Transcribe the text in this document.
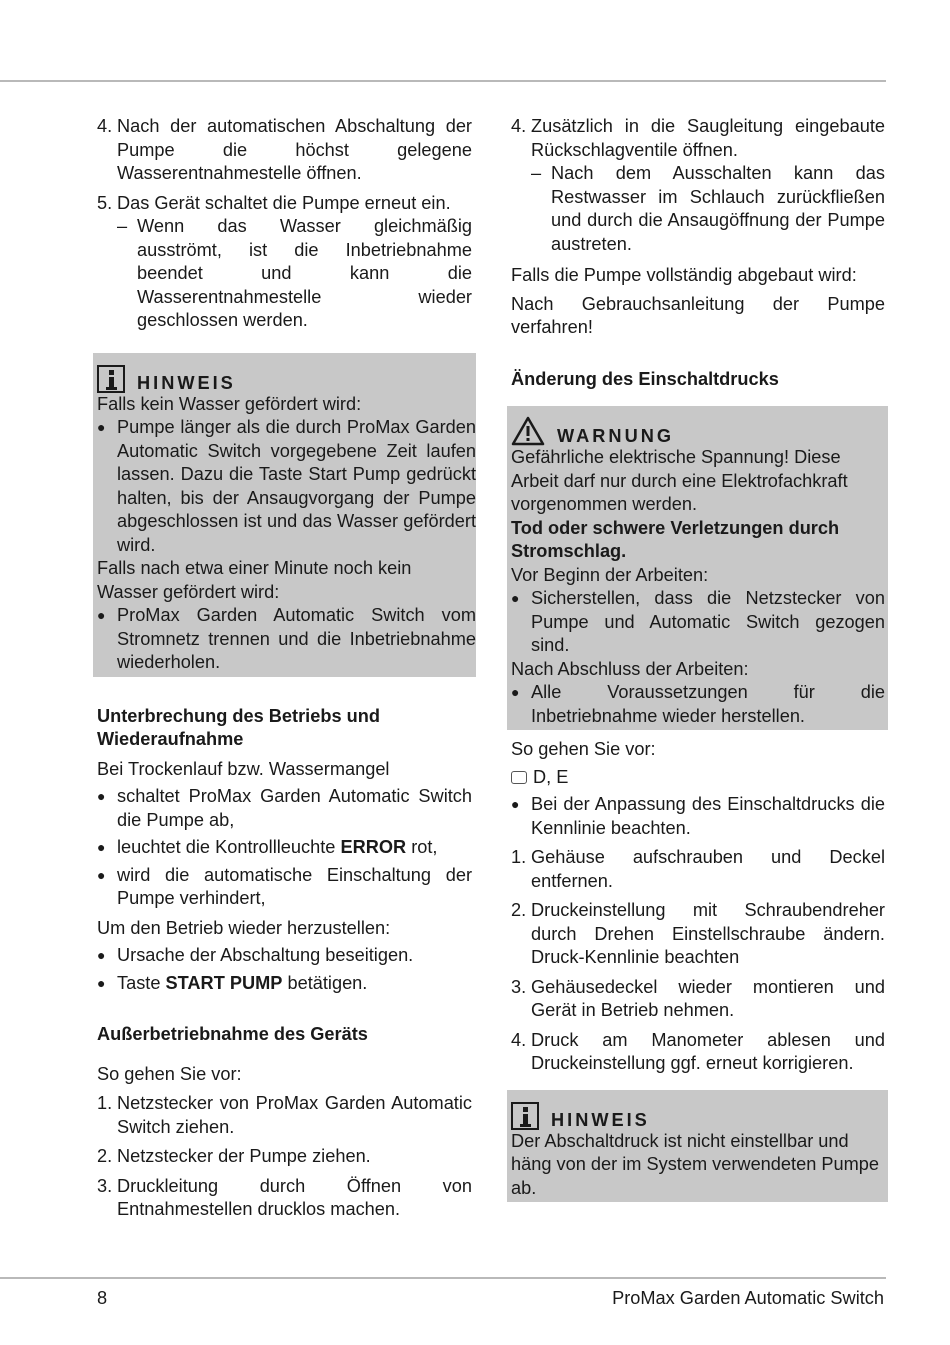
4. Nach der automatischen Abschaltung der Pumpe die höchst gelegene Wasserentnahmestelle öffnen.
5. Das Gerät schaltet die Pumpe erneut ein.
– Wenn das Wasser gleichmäßig ausströmt, ist die Inbetriebnahme beendet und kann die Wasserentnahmestelle wieder geschlossen werden.
HINWEIS

Falls kein Wasser gefördert wird:

● Pumpe länger als die durch ProMax Garden Automatic Switch vorgegebene Zeit laufen lassen. Dazu die Taste Start Pump gedrückt halten, bis der Ansaugvorgang der Pumpe abgeschlossen ist und das Wasser gefördert wird.

Falls nach etwa einer Minute noch kein Wasser gefördert wird:

● ProMax Garden Automatic Switch vom Stromnetz trennen und die Inbetriebnahme wiederholen.
Unterbrechung des Betriebs und Wiederaufnahme

Bei Trockenlauf bzw. Wassermangel

● schaltet ProMax Garden Automatic Switch die Pumpe ab,
● leuchtet die Kontrollleuchte ERROR rot,
● wird die automatische Einschaltung der Pumpe verhindert,

Um den Betrieb wieder herzustellen:

● Ursache der Abschaltung beseitigen.
● Taste START PUMP betätigen.
Außerbetriebnahme des Geräts

So gehen Sie vor:

1. Netzstecker von ProMax Garden Automatic Switch ziehen.
2. Netzstecker der Pumpe ziehen.
3. Druckleitung durch Öffnen von Entnahmestellen drucklos machen.
4. Zusätzlich in die Saugleitung eingebaute Rückschlagventile öffnen.
– Nach dem Ausschalten kann das Restwasser im Schlauch zurückfließen und durch die Ansaugöffnung der Pumpe austreten.

Falls die Pumpe vollständig abgebaut wird:

Nach Gebrauchsanleitung der Pumpe verfahren!

Änderung des Einschaltdrucks
WARNUNG

Gefährliche elektrische Spannung! Diese Arbeit darf nur durch eine Elektrofachkraft vorgenommen werden.

Tod oder schwere Verletzungen durch Stromschlag.

Vor Beginn der Arbeiten:

● Sicherstellen, dass die Netzstecker von Pumpe und Automatic Switch gezogen sind.

Nach Abschluss der Arbeiten:

● Alle Voraussetzungen für die Inbetriebnahme wieder herstellen.

So gehen Sie vor:

D, E

● Bei der Anpassung des Einschaltdrucks die Kennlinie beachten.
1. Gehäuse aufschrauben und Deckel entfernen.
2. Druckeinstellung mit Schraubendreher durch Drehen Einstellschraube ändern. Druck-Kennlinie beachten
3. Gehäusedeckel wieder montieren und Gerät in Betrieb nehmen.
4. Druck am Manometer ablesen und Druckeinstellung ggf. erneut korrigieren.
HINWEIS

Der Abschaltdruck ist nicht einstellbar und häng von der im System verwendeten Pumpe ab.

8	ProMax Garden Automatic Switch
